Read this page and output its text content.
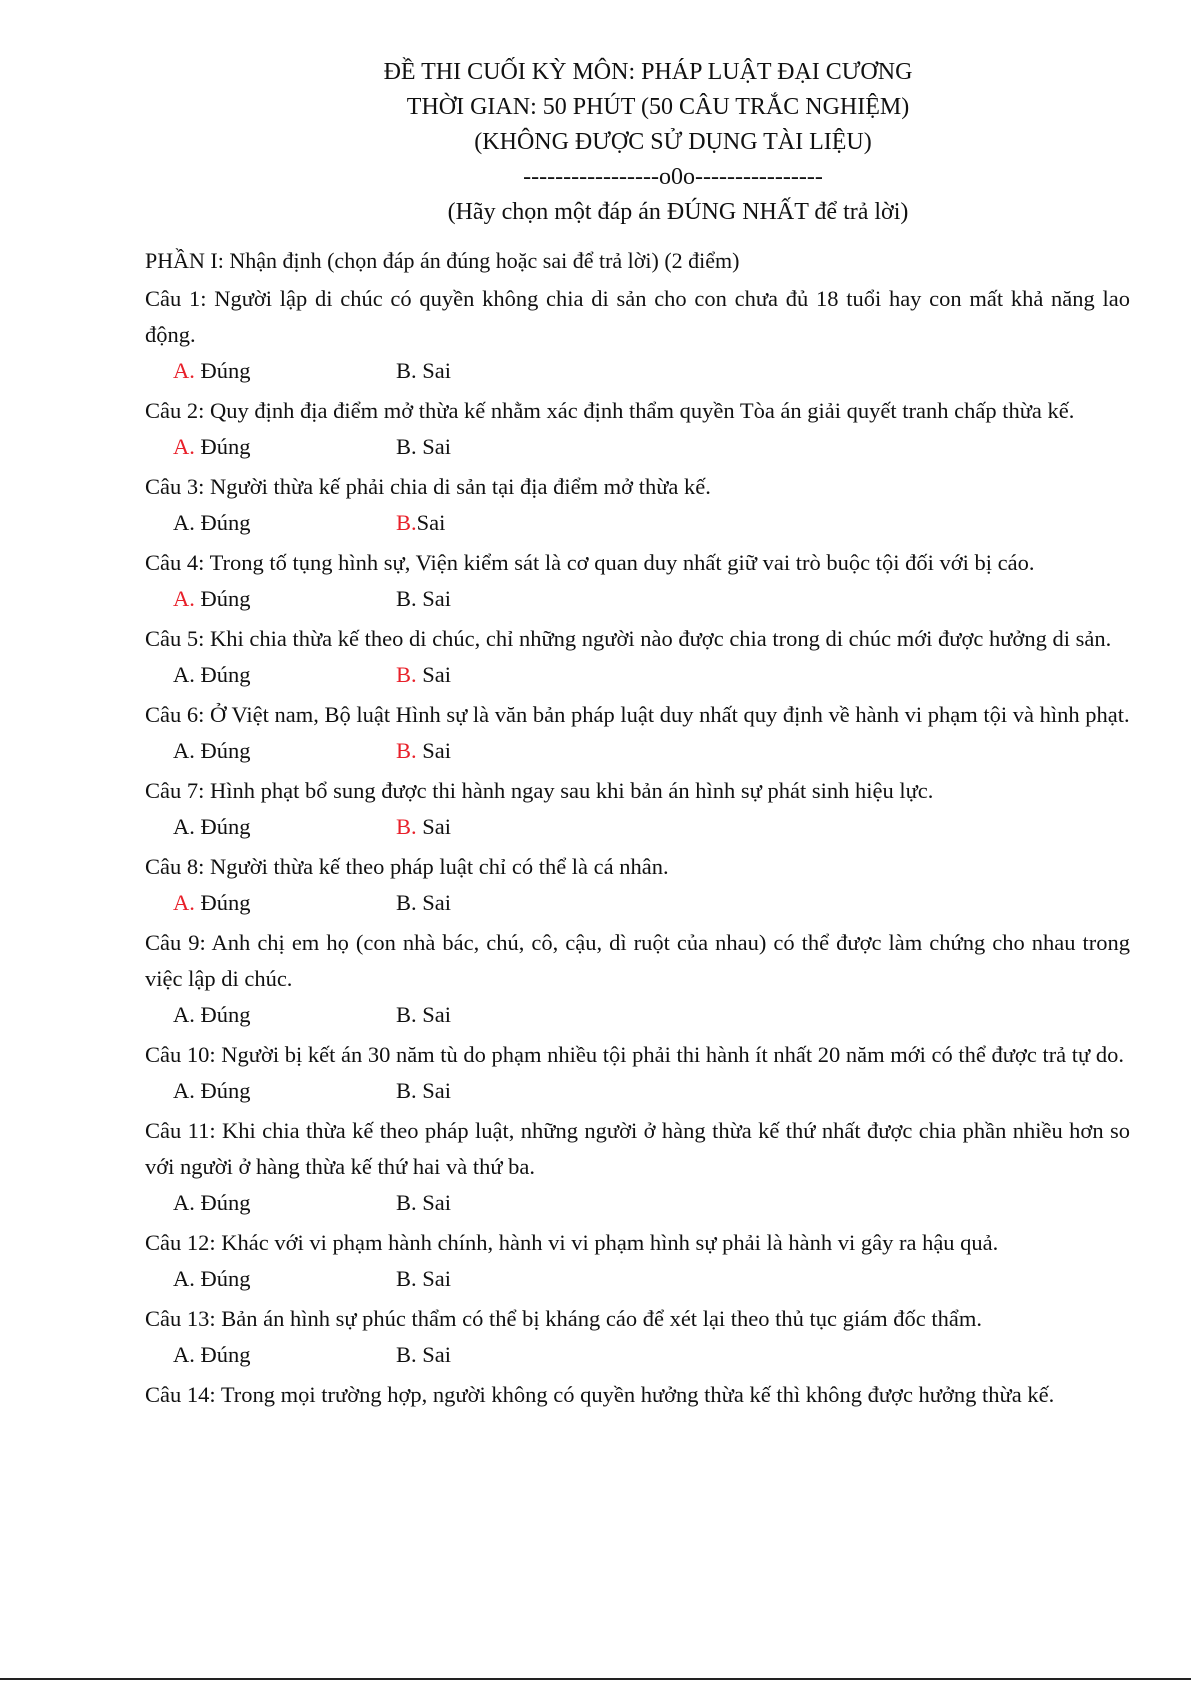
ĐỀ THI CUỐI KỲ MÔN: PHÁP LUẬT ĐẠI CƯƠNG
THỜI GIAN: 50 PHÚT (50 CÂU TRẮC NGHIỆM)
(KHÔNG ĐƯỢC SỬ DỤNG TÀI LIỆU)
-----------------o0o----------------
(Hãy chọn một đáp án ĐÚNG NHẤT để trả lời)
PHẦN I: Nhận định (chọn đáp án đúng hoặc sai để trả lời) (2 điểm)
Câu 1: Người lập di chúc có quyền không chia di sản cho con chưa đủ 18 tuổi hay con mất khả năng lao động.
A. Đúng	B. Sai
Câu 2: Quy định địa điểm mở thừa kế nhằm xác định thẩm quyền Tòa án giải quyết tranh chấp thừa kế.
A. Đúng	B. Sai
Câu 3: Người thừa kế phải chia di sản tại địa điểm mở thừa kế.
A. Đúng	B.Sai
Câu 4: Trong tố tụng hình sự, Viện kiểm sát là cơ quan duy nhất giữ vai trò buộc tội đối với bị cáo.
A. Đúng	B. Sai
Câu 5: Khi chia thừa kế theo di chúc, chỉ những người nào được chia trong di chúc mới được hưởng di sản.
A. Đúng	B. Sai
Câu 6: Ở Việt nam, Bộ luật Hình sự là văn bản pháp luật duy nhất quy định về hành vi phạm tội và hình phạt.
A. Đúng	B. Sai
Câu 7: Hình phạt bổ sung được thi hành ngay sau khi bản án hình sự phát sinh hiệu lực.
A. Đúng	B. Sai
Câu 8: Người thừa kế theo pháp luật chỉ có thể là cá nhân.
A. Đúng	B. Sai
Câu 9: Anh chị em họ (con nhà bác, chú, cô, cậu, dì ruột của nhau) có thể được làm chứng cho nhau trong việc lập di chúc.
A. Đúng	B. Sai
Câu 10: Người bị kết án 30 năm tù do phạm nhiều tội phải thi hành ít nhất 20 năm mới có thể được trả tự do.
A. Đúng	B. Sai
Câu 11: Khi chia thừa kế theo pháp luật, những người ở hàng thừa kế thứ nhất được chia phần nhiều hơn so với người ở hàng thừa kế thứ hai và thứ ba.
A. Đúng	B. Sai
Câu 12: Khác với vi phạm hành chính, hành vi vi phạm hình sự phải là hành vi gây ra hậu quả.
A. Đúng	B. Sai
Câu 13: Bản án hình sự phúc thẩm có thể bị kháng cáo để xét lại theo thủ tục giám đốc thẩm.
A. Đúng	B. Sai
Câu 14: Trong mọi trường hợp, người không có quyền hưởng thừa kế thì không được hưởng thừa kế.
